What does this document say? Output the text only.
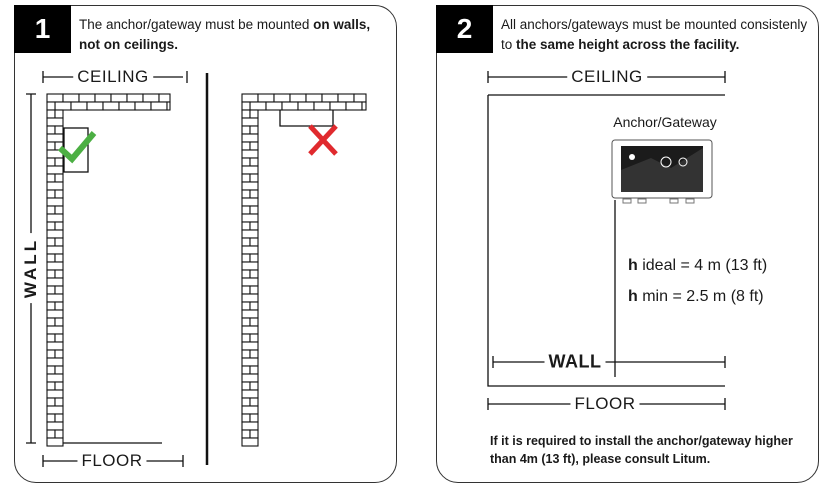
1	The anchor/gateway must be mounted on walls, not on ceilings.
2	All anchors/gateways must be mounted consistenly to the same height across the facility.
CEILING
FLOOR
WALL
CEILING
Anchor/Gateway
h ideal = 4 m (13 ft)
h min = 2.5 m (8 ft)
WALL
FLOOR
If it is required to install the anchor/gateway higher than 4m (13 ft), please consult Litum.
